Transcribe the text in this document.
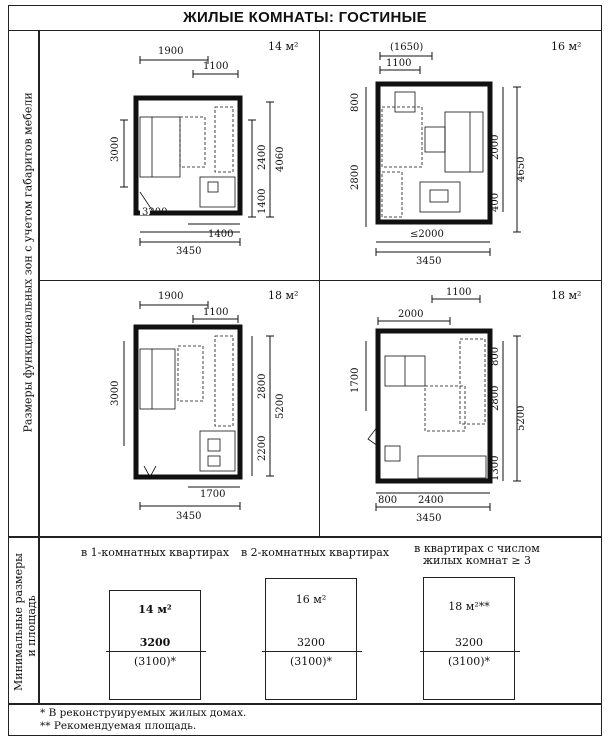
ЖИЛЫЕ КОМНАТЫ: ГОСТИНЫЕ
Размеры функциональных зон с учетом габаритов мебели
Минимальные размеры
и площадь
14 м²
1900
1100
3000	2400 4060
1400
3200
1400
3450
16 м²
(1650)
1100
800
2800
2000
4650
400
≤2000
3450
18 м²
1900
1100
3000	2800
5200
2200
1700
3450
18 м²
1100
2000
1700
800
2800
5200
1300
800 2400
3450
в 1-комнатных квартирах в 2-комнатных квартирах	в квартирах с числом жилых комнат ≥ 3
14 м²
3200
(3100)*
16 м²
3200
(3100)*
18 м²**
3200
(3100)*
* В реконструируемых жилых домах.
** Рекомендуемая площадь.
